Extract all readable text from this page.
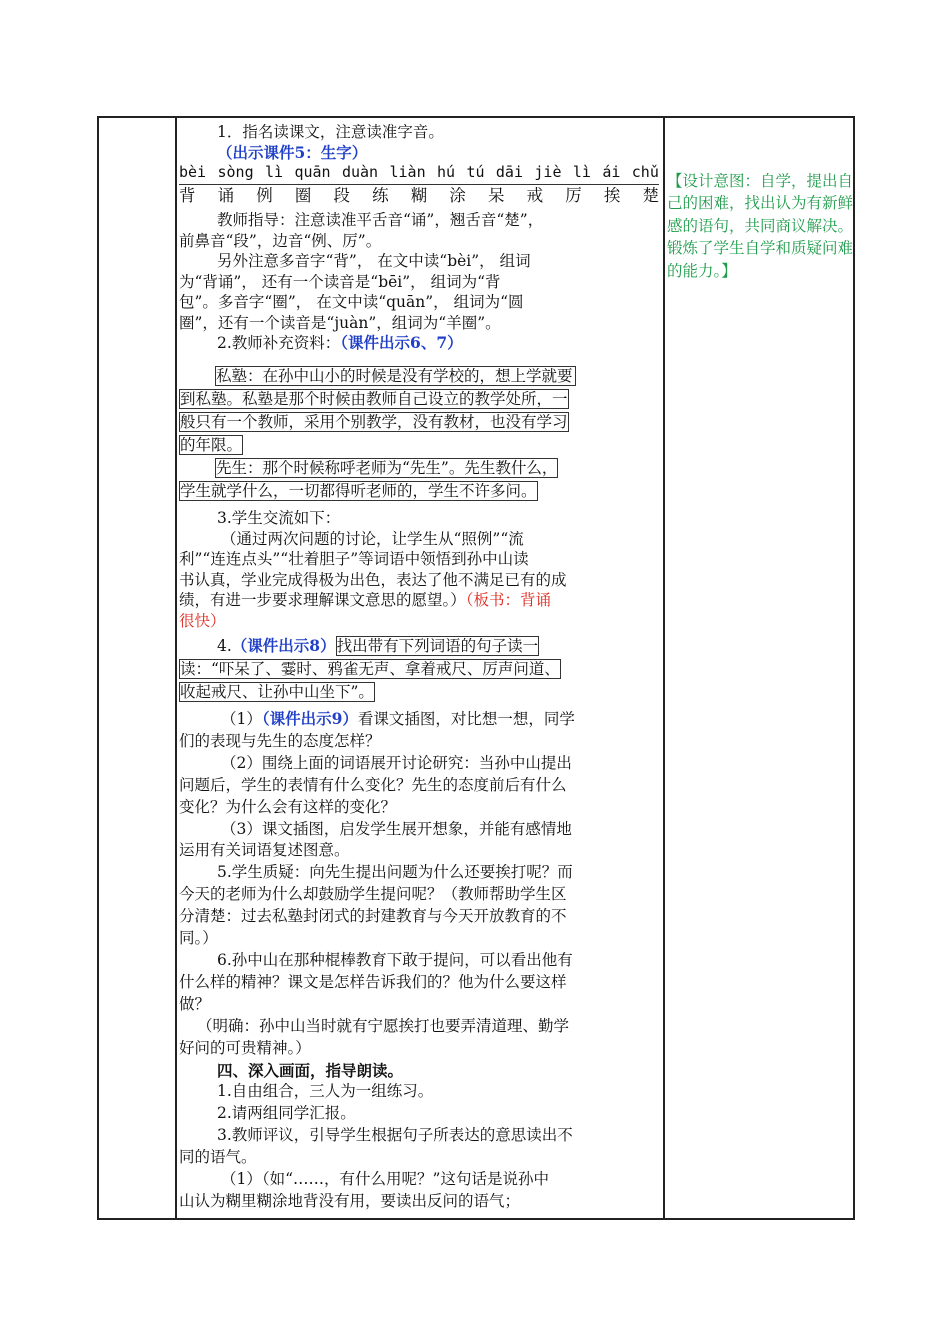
1．指名读课文，注意读准字音。
（出示课件5：生字）
bèi sòng lì quān duàn liàn hú tú dāi jiè lì ái chǔ
背 诵 例 圈 段 练 糊 涂 呆 戒 厉 挨 楚
教师指导：注意读准平舌音“诵”，翘舌音“楚”，
前鼻音“段”，边音“例、厉”。
另外注意多音字“背”， 在文中读“bèi”， 组词
为“背诵”， 还有一个读音是“bēi”， 组词为“背
包”。多音字“圈”， 在文中读“quān”， 组词为“圆
圈”，还有一个读音是“juàn”，组词为“羊圈”。
2.教师补充资料：（课件出示6、7）
私塾：在孙中山小的时候是没有学校的，想上学就要
到私塾。私塾是那个时候由教师自己设立的教学处所，一
般只有一个教师，采用个别教学，没有教材，也没有学习
的年限。
先生：那个时候称呼老师为“先生”。先生教什么，
学生就学什么，一切都得听老师的，学生不许多问。
3.学生交流如下：
（通过两次问题的讨论，让学生从“照例”“流
利”“连连点头”“壮着胆子”等词语中领悟到孙中山读
书认真，学业完成得极为出色，表达了他不满足已有的成
绩，有进一步要求理解课文意思的愿望。）（板书：背诵
很快）
4.（课件出示8）找出带有下列词语的句子读一
读：“吓呆了、霎时、鸦雀无声、拿着戒尺、厉声问道、
收起戒尺、让孙中山坐下”。
（1）（课件出示9）看课文插图，对比想一想，同学
们的表现与先生的态度怎样？
（2）围绕上面的词语展开讨论研究：当孙中山提出
问题后，学生的表情有什么变化？先生的态度前后有什么
变化？为什么会有这样的变化？
（3）课文插图，启发学生展开想象，并能有感情地
运用有关词语复述图意。
5.学生质疑：向先生提出问题为什么还要挨打呢？而
今天的老师为什么却鼓励学生提问呢？（教师帮助学生区
分清楚：过去私塾封闭式的封建教育与今天开放教育的不
同。）
6.孙中山在那种棍棒教育下敢于提问，可以看出他有
什么样的精神？课文是怎样告诉我们的？他为什么要这样
做？
（明确：孙中山当时就有宁愿挨打也要弄清道理、勤学
好问的可贵精神。）
四、深入画面，指导朗读。
1.自由组合，三人为一组练习。
2.请两组同学汇报。
3.教师评议，引导学生根据句子所表达的意思读出不
同的语气。
（1）（如“……，有什么用呢？”这句话是说孙中
山认为糊里糊涂地背没有用，要读出反问的语气；
【设计意图：自学，提出自己的困难，找出认为有新鲜感的语句，共同商议解决。锻炼了学生自学和质疑问难的能力。】
